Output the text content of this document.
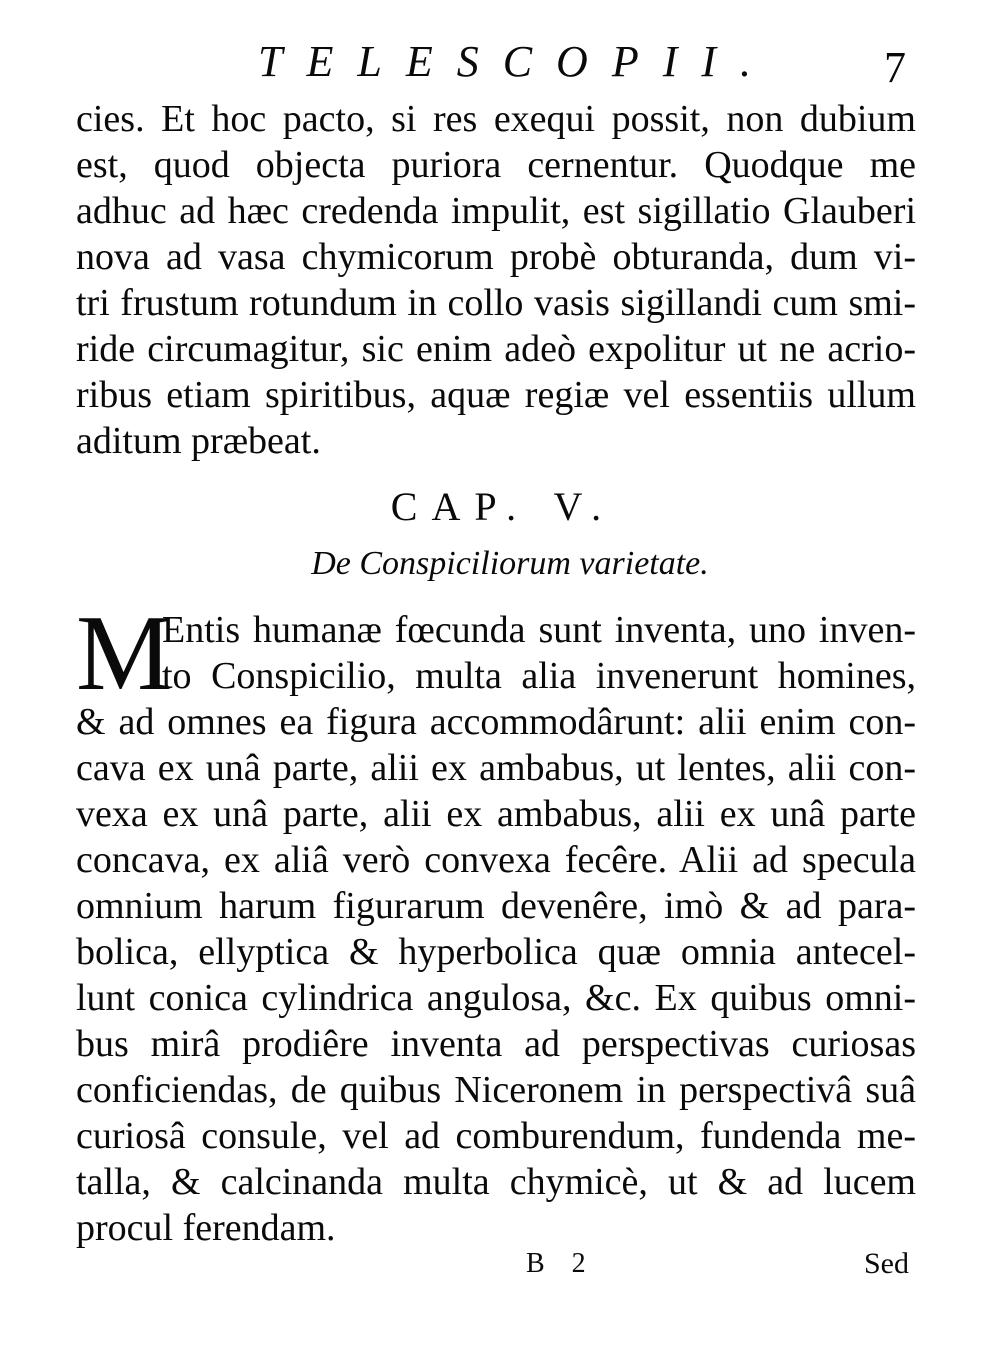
TELESCOPII. 7
cies. Et hoc pacto, si res exequi possit, non dubium
est, quod objecta puriora cernentur. Quodque me
adhuc ad hæc credenda impulit, est sigillatio Glauberi
nova ad vasa chymicorum probè obturanda, dum vi-
tri frustum rotundum in collo vasis sigillandi cum smi-
ride circumagitur, sic enim adeò expolitur ut ne acrio-
ribus etiam spiritibus, aquæ regiæ vel essentiis ullum
aditum præbeat.
CAP. V.
De Conspiciliorum varietate.
M
Entis humanæ fœcunda sunt inventa, uno inven-
to Conspicilio, multa alia invenerunt homines,
& ad omnes ea figura accommodârunt: alii enim con-
cava ex unâ parte, alii ex ambabus, ut lentes, alii con-
vexa ex unâ parte, alii ex ambabus, alii ex unâ parte
concava, ex aliâ verò convexa fecêre. Alii ad specula
omnium harum figurarum devenêre, imò & ad para-
bolica, ellyptica & hyperbolica quæ omnia antecel-
lunt conica cylindrica angulosa, &c. Ex quibus omni-
bus mirâ prodiêre inventa ad perspectivas curiosas
conficiendas, de quibus Niceronem in perspectivâ suâ
curiosâ consule, vel ad comburendum, fundenda me-
talla, & calcinanda multa chymicè, ut & ad lucem
procul ferendam.
B 2	Sed
